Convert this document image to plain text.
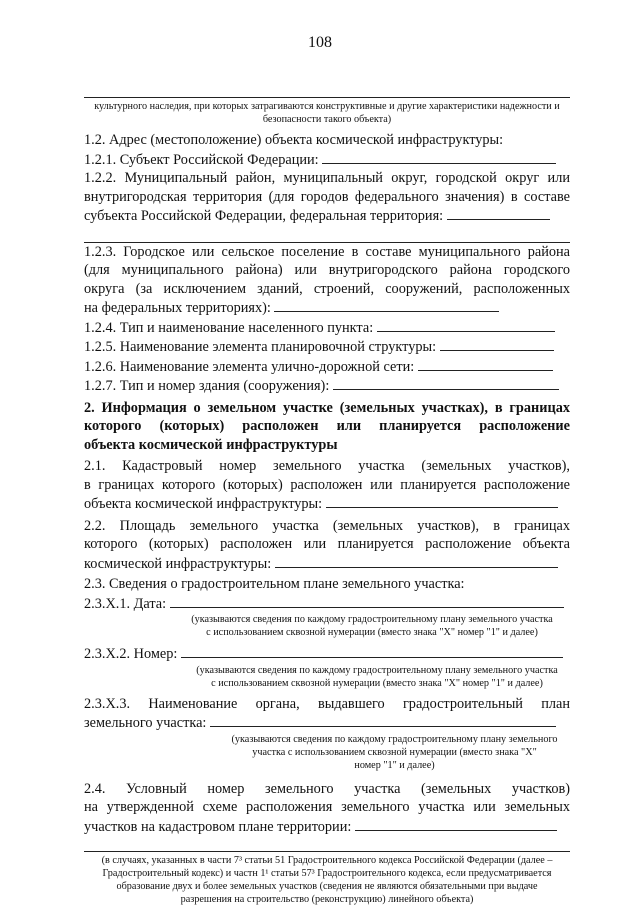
108
культурного наследия, при которых затрагиваются конструктивные и другие характеристики надежности и безопасности такого объекта)

1.2. Адрес (местоположение) объекта космической инфраструктуры:

1.2.1. Субъект Российской Федерации:

1.2.2. Муниципальный район, муниципальный округ, городской округ или

внутригородская территория (для городов федерального значения) в составе

субъекта Российской Федерации, федеральная территория:

1.2.3. Городское или сельское поселение в составе муниципального района

(для муниципального района) или внутригородского района городского

округа (за исключением зданий, строений, сооружений, расположенных

на федеральных территориях):

1.2.4. Тип и наименование населенного пункта:

1.2.5. Наименование элемента планировочной структуры:

1.2.6. Наименование элемента улично-дорожной сети:

1.2.7. Тип и номер здания (сооружения):

2. Информация о земельном участке (земельных участках), в границах

которого (которых) расположен или планируется расположение

объекта космической инфраструктуры

2.1. Кадастровый номер земельного участка (земельных участков),

в границах которого (которых) расположен или планируется расположение

объекта космической инфраструктуры:

2.2. Площадь земельного участка (земельных участков), в границах

которого (которых) расположен или планируется расположение объекта

космической инфраструктуры:

2.3. Сведения о градостроительном плане земельного участка:

2.3.X.1. Дата:

(указываются сведения по каждому градостроительному плану земельного участка
с использованием сквозной нумерации (вместо знака "X" номер "1" и далее)

2.3.X.2. Номер:

(указываются сведения по каждому градостроительному плану земельного участка
с использованием сквозной нумерации (вместо знака "X" номер "1" и далее)

2.3.X.3. Наименование органа, выдавшего градостроительный план

земельного участка:

(указываются сведения по каждому градостроительному плану земельного
участка с использованием сквозной нумерации (вместо знака "X"
номер "1" и далее)

2.4. Условный номер земельного участка (земельных участков)

на утвержденной схеме расположения земельного участка или земельных

участков на кадастровом плане территории:

(в случаях, указанных в части 7³ статьи 51 Градостроительного кодекса Российской Федерации (далее –
Градостроительный кодекс) и частн 1¹ статьи 57³ Градостроительного кодекса, если предусматривается
образование двух и более земельных участков (сведения не являются обязательными при выдаче
разрешения на строительство (реконструкцию) линейного объекта)
